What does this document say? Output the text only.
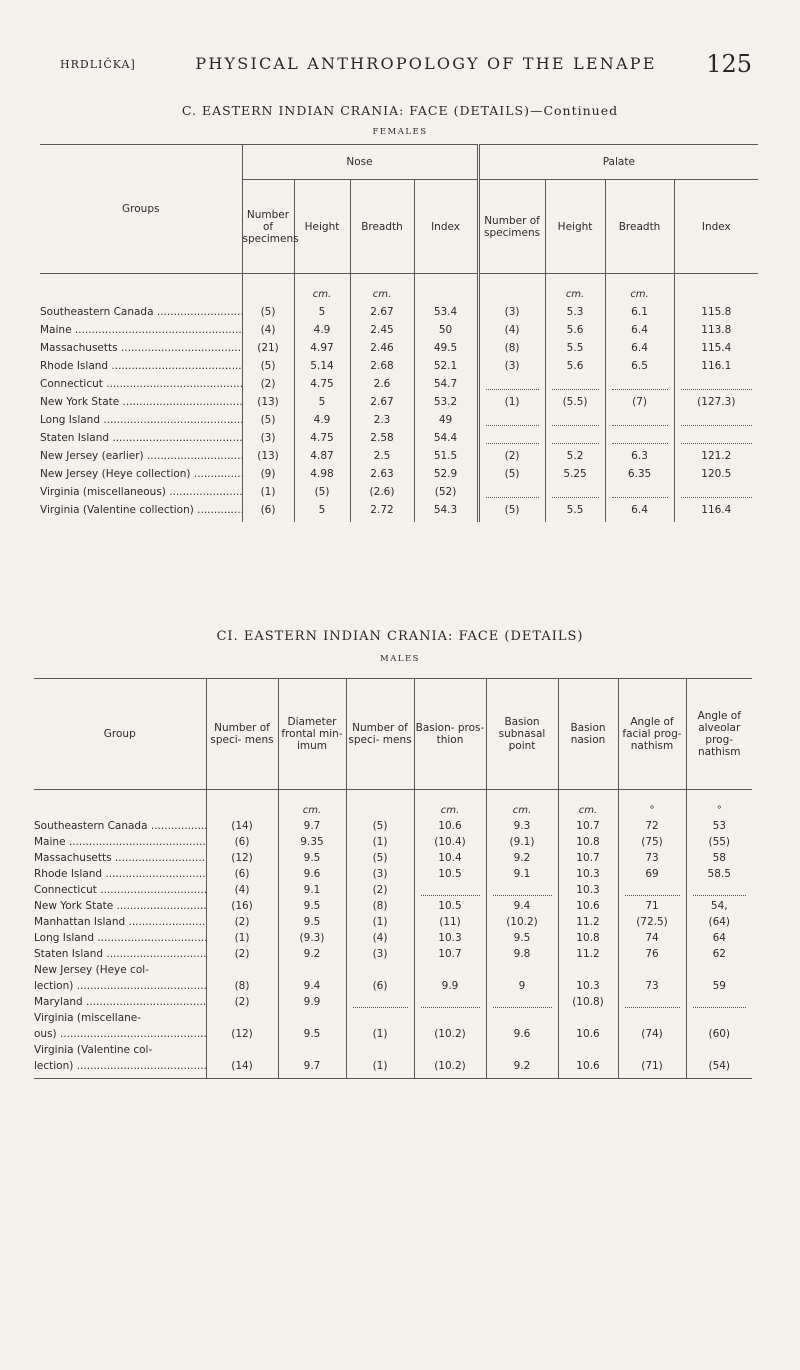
HRDLIČKA]	PHYSICAL ANTHROPOLOGY OF THE LENAPE	125
C. EASTERN INDIAN CRANIA: FACE (DETAILS)—Continued
FEMALES
Groups	Nose				Palate			
	Number of specimens	Height	Breadth	Index	Number of specimens	Height	Breadth	Index

		cm.	cm.			cm.	cm.	
Southeastern Canada .....	(5)	5	2.67	53.4	(3)	5.3	6.1	115.8
Maine .....	(4)	4.9	2.45	50	(4)	5.6	6.4	113.8
Massachusetts .....	(21)	4.97	2.46	49.5	(8)	5.5	6.4	115.4
Rhode Island .....	(5)	5.14	2.68	52.1	(3)	5.6	6.5	116.1
Connecticut .....	(2)	4.75	2.6	54.7	

New York State .....	(13)	5	2.67	53.2	(1)	(5.5)	(7)	(127.3)
Long Island .....	(5)	4.9	2.3	49	

Staten Island .....	(3)	4.75	2.58	54.4	

New Jersey (earlier) .....	(13)	4.87	2.5	51.5	(2)	5.2	6.3	121.2
New Jersey (Heye collection) .....	(9)	4.98	2.63	52.9	(5)	5.25	6.35	120.5
Virginia (miscellaneous) .....	(1)	(5)	(2.6)	(52)	

Virginia (Valentine collection) .....	(6)	5	2.72	54.3	(5)	5.5	6.4	116.4

CI. EASTERN INDIAN CRANIA: FACE (DETAILS)
MALES
Group	Number of speci- mens	Diameter frontal min- imum	Number of speci- mens	Basion- pros- thion	Basion subnasal point	Basion nasion	Angle of facial prog- nathism	Angle of alveolar prog- nathism

		cm.		cm.	cm.	cm.	°	°
Southeastern Canada .....	(14)	9.7	(5)	10.6	9.3	10.7	72	53
Maine .....	(6)	9.35	(1)	(10.4)	(9.1)	10.8	(75)	(55)
Massachusetts .....	(12)	9.5	(5)	10.4	9.2	10.7	73	58
Rhode Island .....	(6)	9.6	(3)	10.5	9.1	10.3	69	58.5
Connecticut .....	(4)	9.1	(2)			10.3	

New York State .....	(16)	9.5	(8)	10.5	9.4	10.6	71	54,
Manhattan Island .....	(2)	9.5	(1)	(11)	(10.2)	11.2	(72.5)	(64)
Long Island .....	(1)	(9.3)	(4)	10.3	9.5	10.8	74	64
Staten Island .....	(2)	9.2	(3)	10.7	9.8	11.2	76	62
New Jersey (Heye col-								
lection) .....	(8)	9.4	(6)	9.9	9	10.3	73	59
Maryland .....	(2)	9.9				(10.8)	

Virginia (miscellane-								
ous) .....	(12)	9.5	(1)	(10.2)	9.6	10.6	(74)	(60)
Virginia (Valentine col-								
lection) .....	(14)	9.7	(1)	(10.2)	9.2	10.6	(71)	(54)
